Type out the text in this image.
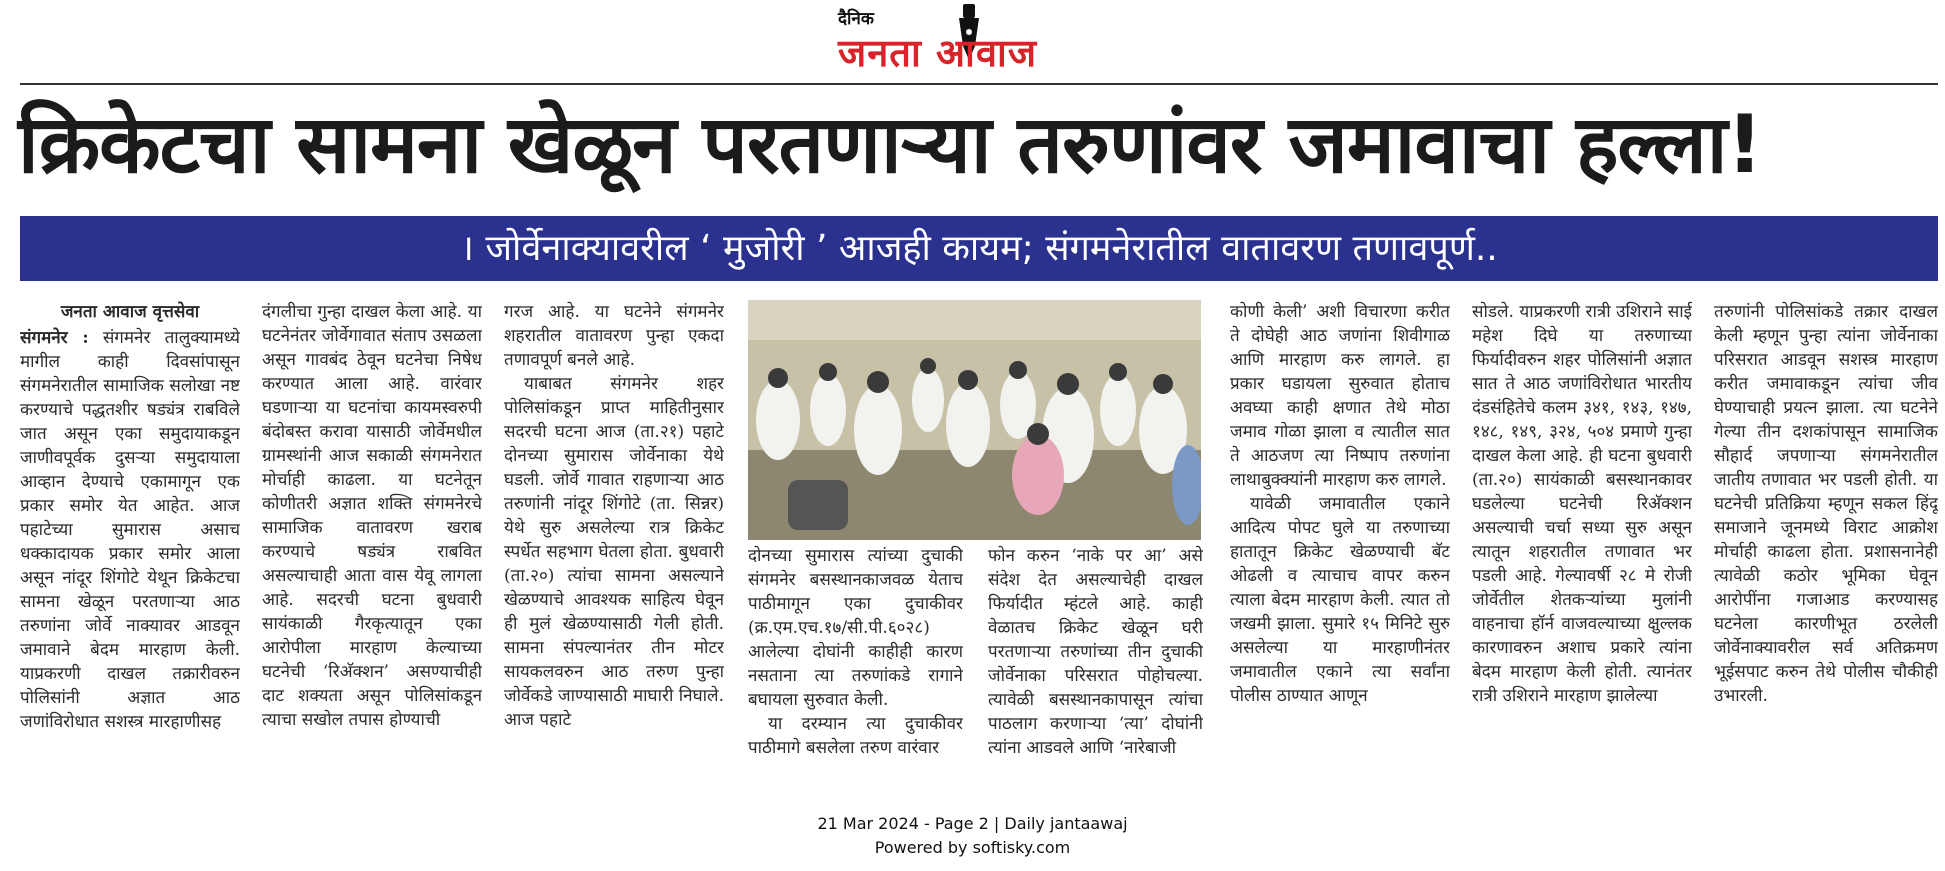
दैनिक
जनता आवाज
क्रिकेटचा सामना खेळून परतणाऱ्या तरुणांवर जमावाचा हल्ला!
। जोर्वेनाक्यावरील ‘ मुजोरी ’ आजही कायम; संगमनेरातील वातावरण तणावपूर्ण..

जनता आवाज वृत्तसेवा

संगमनेर : संगमनेर तालुक्यामध्ये मागील काही दिवसांपासून संगमनेरातील सामाजिक सलोखा नष्ट करण्याचे पद्धतशीर षड्यंत्र राबविले जात असून एका समुदायाकडून जाणीवपूर्वक दुसऱ्या समुदायाला आव्हान देण्याचे एकामागून एक प्रकार समोर येत आहेत. आज पहाटेच्या सुमारास असाच धक्कादायक प्रकार समोर आला असून नांदूर शिंगोटे येथून क्रिकेटचा सामना खेळून परतणार्‍या आठ तरुणांना जोर्वे नाक्यावर आडवून जमावाने बेदम मारहाण केली. याप्रकरणी दाखल तक्रारीवरुन पोलिसांनी अज्ञात आठ जणांविरोधात सशस्त्र मारहाणीसह

दंगलीचा गुन्हा दाखल केला आहे. या घटनेनंतर जोर्वेगावात संताप उसळला असून गावबंद ठेवून घटनेचा निषेध करण्यात आला आहे. वारंवार घडणार्‍या या घटनांचा कायमस्वरुपी बंदोबस्त करावा यासाठी जोर्वेमधील ग्रामस्थांनी आज सकाळी संगमनेरात मोर्चाही काढला. या घटनेतून कोणीतरी अज्ञात शक्ति संगमनेरचे सामाजिक वातावरण खराब करण्याचे षड्यंत्र राबवित असल्याचाही आता वास येवू लागला आहे. सदरची घटना बुधवारी सायंकाळी गैरकृत्यातून एका आरोपीला मारहाण केल्याच्या घटनेची ‘रिअ‍ॅक्शन’ असण्याचीही दाट शक्यता असून पोलिसांकडून त्याचा सखोल तपास होण्याची

गरज आहे. या घटनेने संगमनेर शहरातील वातावरण पुन्हा एकदा तणावपूर्ण बनले आहे.

याबाबत संगमनेर शहर पोलिसांकडून प्राप्त माहितीनुसार सदरची घटना आज (ता.२१) पहाटे दोनच्या सुमारास जोर्वेनाका येथे घडली. जोर्वे गावात राहणार्‍या आठ तरुणांनी नांदूर शिंगोटे (ता. सिन्नर) येथे सुरु असलेल्या रात्र क्रिकेट स्पर्धेत सहभाग घेतला होता. बुधवारी (ता.२०) त्यांचा सामना असल्याने खेळण्याचे आवश्यक साहित्य घेवून ही मुलं खेळण्यासाठी गेली होती. सामना संपल्यानंतर तीन मोटर सायकलवरुन आठ तरुण पुन्हा जोर्वेकडे जाण्यासाठी माघारी निघाले. आज पहाटे

दोनच्या सुमारास त्यांच्या दुचाकी संगमनेर बसस्थानकाजवळ येताच पाठीमागून एका दुचाकीवर (क्र.एम.एच.१७/सी.पी.६०२८) आलेल्या दोघांनी काहीही कारण नसताना त्या तरुणांकडे रागाने बघायला सुरुवात केली.

या दरम्यान त्या दुचाकीवर पाठीमागे बसलेला तरुण वारंवार

फोन करुन ‘नाके पर आ’ असे संदेश देत असल्याचेही दाखल फिर्यादीत म्हंटले आहे. काही वेळातच क्रिकेट खेळून घरी परतणार्‍या तरुणांच्या तीन दुचाकी जोर्वेनाका परिसरात पोहोचल्या. त्यावेळी बसस्थानकापासून त्यांचा पाठलाग करणार्‍या ‘त्या’ दोघांनी त्यांना आडवले आणि ‘नारेबाजी

कोणी केली’ अशी विचारणा करीत ते दोघेही आठ जणांना शिवीगाळ आणि मारहाण करु लागले. हा प्रकार घडायला सुरुवात होताच अवघ्या काही क्षणात तेथे मोठा जमाव गोळा झाला व त्यातील सात ते आठजण त्या निष्पाप तरुणांना लाथाबुक्क्यांनी मारहाण करु लागले.

यावेळी जमावातील एकाने आदित्य पोपट घुले या तरुणाच्या हातातून क्रिकेट खेळण्याची बॅट ओढली व त्याचाच वापर करुन त्याला बेदम मारहाण केली. त्यात तो जखमी झाला. सुमारे १५ मिनिटे सुरु असलेल्या या मारहाणीनंतर जमावातील एकाने त्या सर्वांना पोलीस ठाण्यात आणून

सोडले. याप्रकरणी रात्री उशिराने साई महेश दिघे या तरुणाच्या फिर्यादीवरुन शहर पोलिसांनी अज्ञात सात ते आठ जणांविरोधात भारतीय दंडसंहितेचे कलम ३४१, १४३, १४७, १४८, १४९, ३२४, ५०४ प्रमाणे गुन्हा दाखल केला आहे. ही घटना बुधवारी (ता.२०) सायंकाळी बसस्थानकावर घडलेल्या घटनेची रिअ‍ॅक्शन असल्याची चर्चा सध्या सुरु असून त्यातून शहरातील तणावात भर पडली आहे. गेल्यावर्षी २८ मे रोजी जोर्वेतील शेतकर्‍यांच्या मुलांनी वाहनाचा हॉर्न वाजवल्याच्या क्षुल्लक कारणावरुन अशाच प्रकारे त्यांना बेदम मारहाण केली होती. त्यानंतर रात्री उशिराने मारहाण झालेल्या

तरुणांनी पोलिसांकडे तक्रार दाखल केली म्हणून पुन्हा त्यांना जोर्वेनाका परिसरात आडवून सशस्त्र मारहाण करीत जमावाकडून त्यांचा जीव घेण्याचाही प्रयत्न झाला. त्या घटनेने गेल्या तीन दशकांपासून सामाजिक सौहार्द जपणार्‍या संगमनेरातील जातीय तणावात भर पडली होती. या घटनेची प्रतिक्रिया म्हणून सकल हिंदू समाजाने जूनमध्ये विराट आक्रोश मोर्चाही काढला होता. प्रशासनानेही त्यावेळी कठोर भूमिका घेवून आरोपींना गजाआड करण्यासह घटनेला कारणीभूत ठरलेली जोर्वेनाक्यावरील सर्व अतिक्रमण भूईसपाट करुन तेथे पोलीस चौकीही उभारली.

21 Mar 2024 - Page 2 | Daily jantaawaj
Powered by softisky.com
